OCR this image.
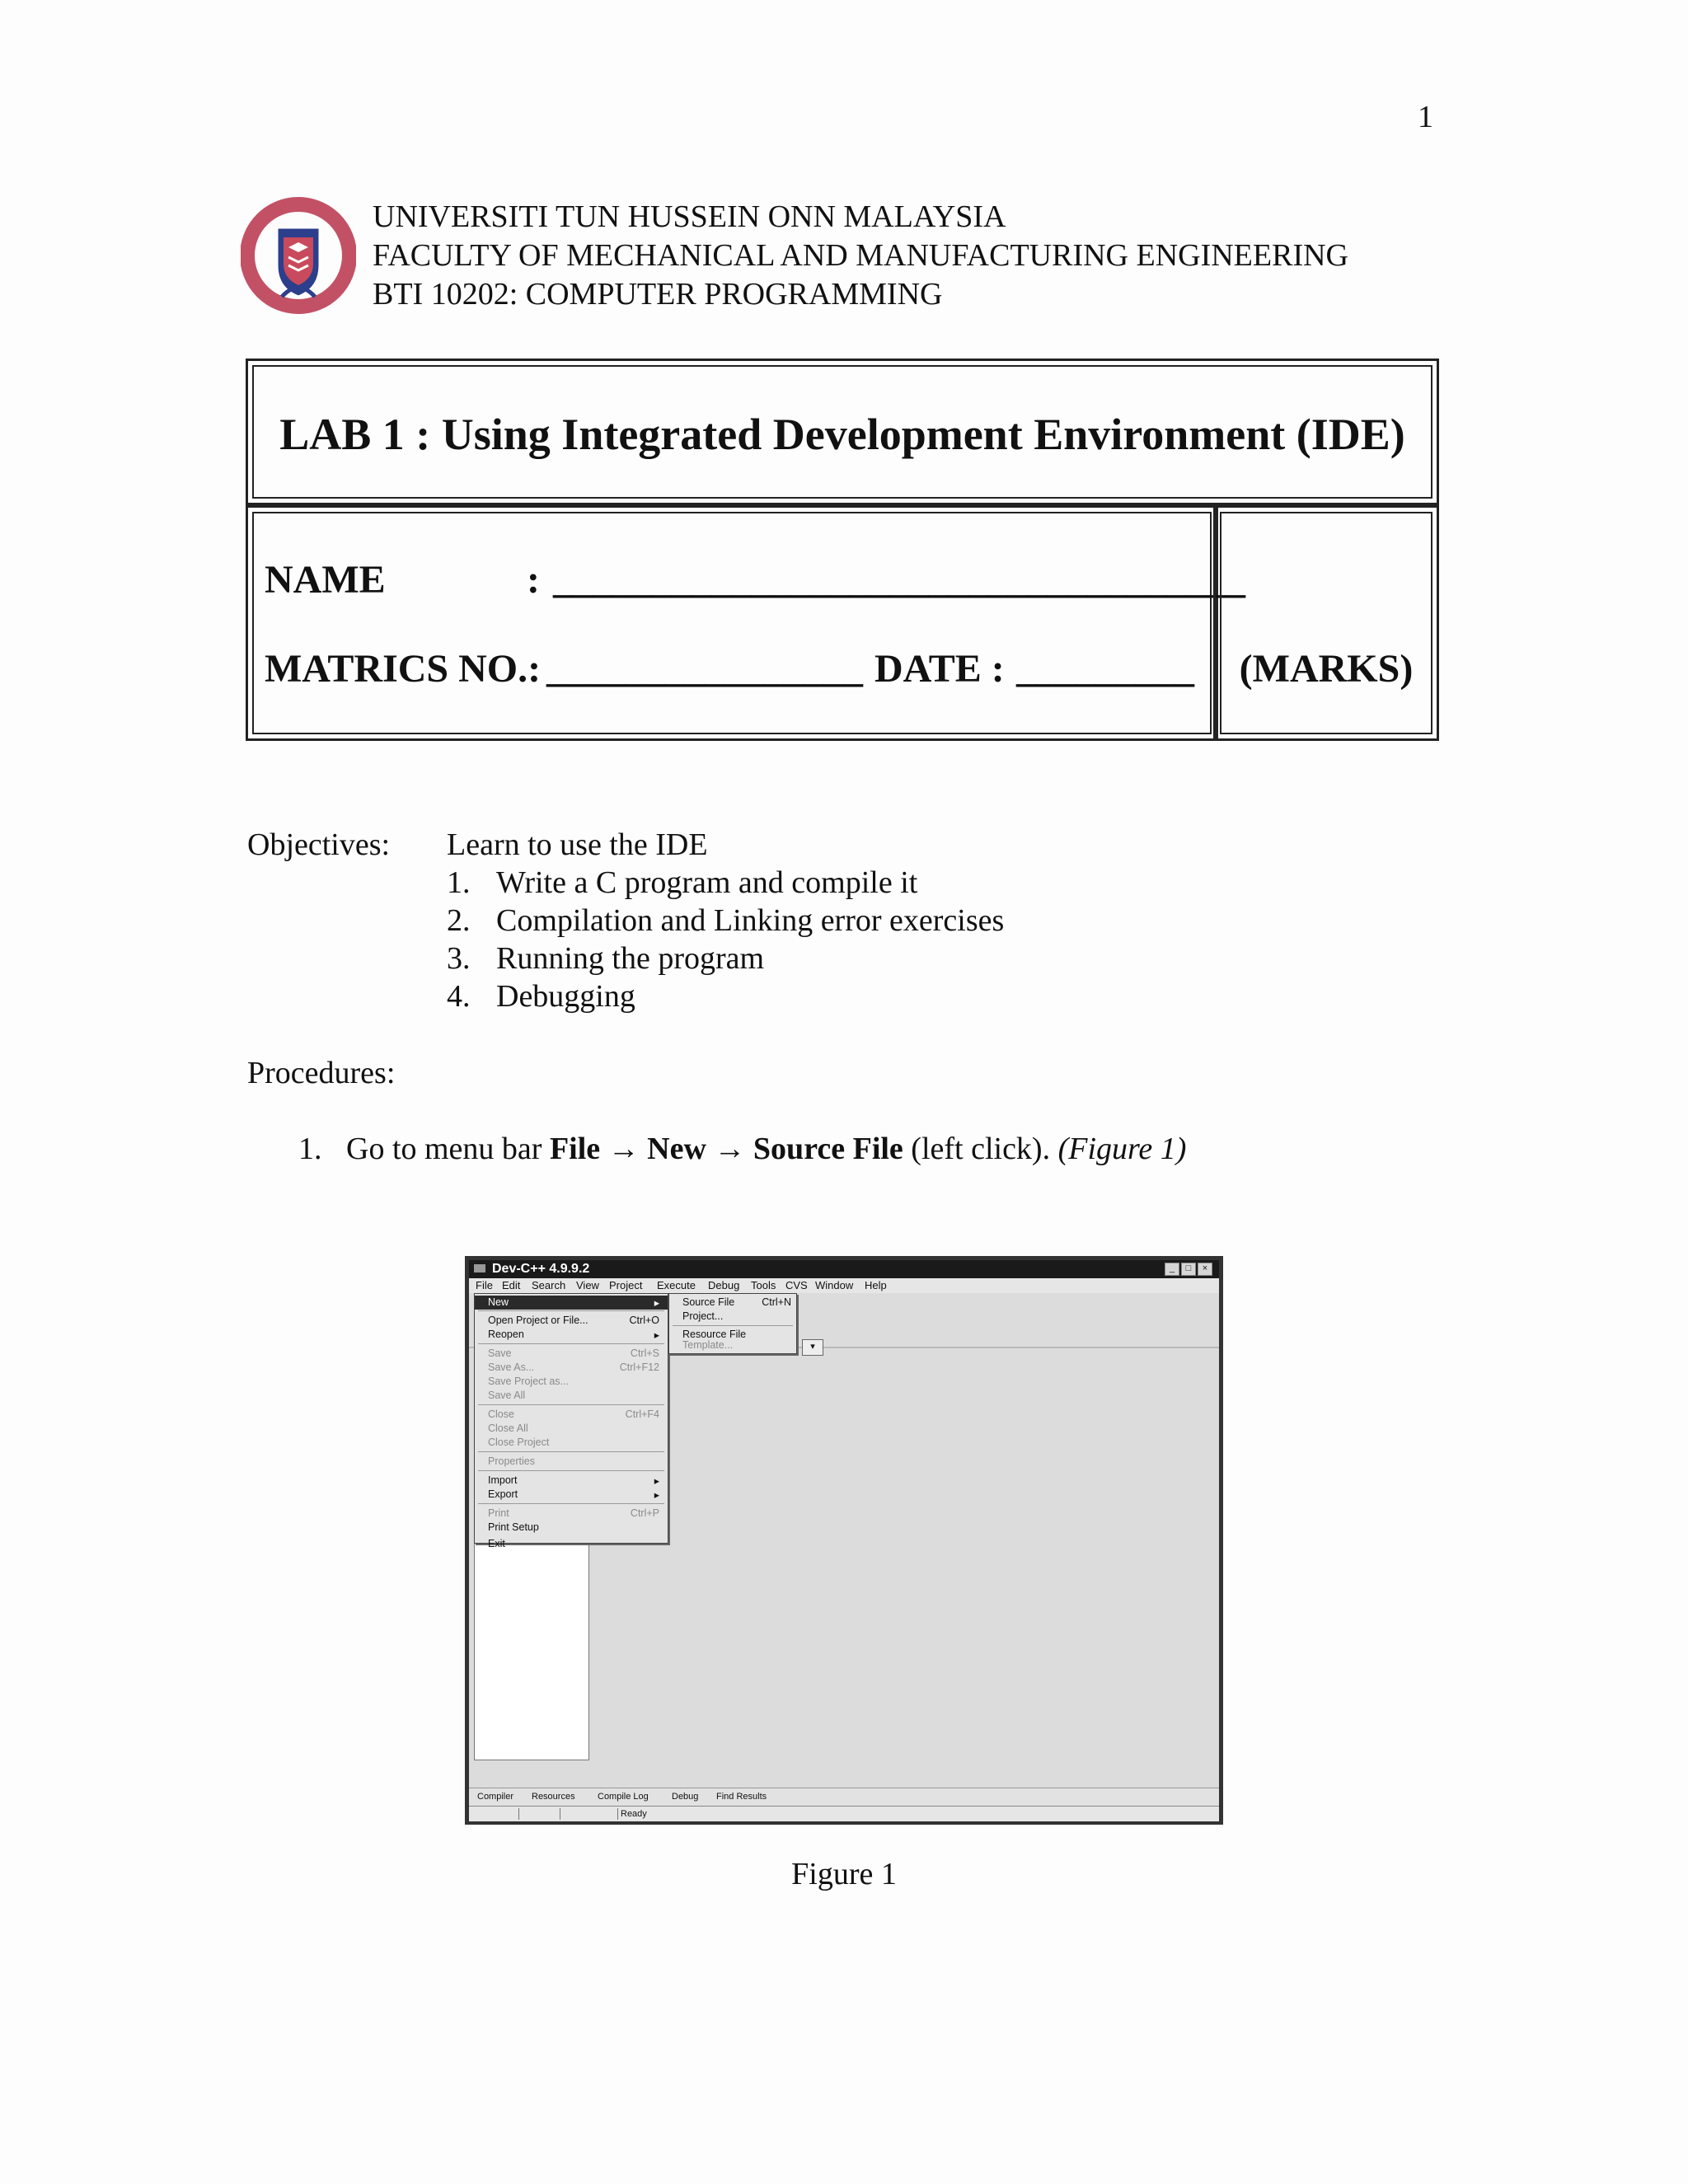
1
UNIVERSITI TUN HUSSEIN ONN MALAYSIA
FACULTY OF MECHANICAL AND MANUFACTURING ENGINEERING
BTI 10202: COMPUTER PROGRAMMING
LAB 1 : Using Integrated Development Environment (IDE)
NAME	: ___________________________________
MATRICS NO.: ________________ DATE : _________	(MARKS)
Objectives: Learn to use the IDE
1. Write a C program and compile it
2. Compilation and Linking error exercises
3. Running the program
4. Debugging
Procedures:
1. Go to menu bar File → New → Source File (left click). (Figure 1)
Dev-C++ 4.9.9.2	_	□	×
File Edit Search View Project Execute Debug Tools CVS Window Help
▾
New	▸
Open Project or File...	Ctrl+O
Reopen	▸
Save	Ctrl+S
Save As...	Ctrl+F12
Save Project as...
Save All
Close	Ctrl+F4
Close All
Close Project
Properties
Import	▸
Export	▸
Print	Ctrl+P
Print Setup
Exit
Source File	Ctrl+N
Project...
Resource File
Template...
Compiler Resources Compile Log	Debug Find Results
Ready
Figure 1
